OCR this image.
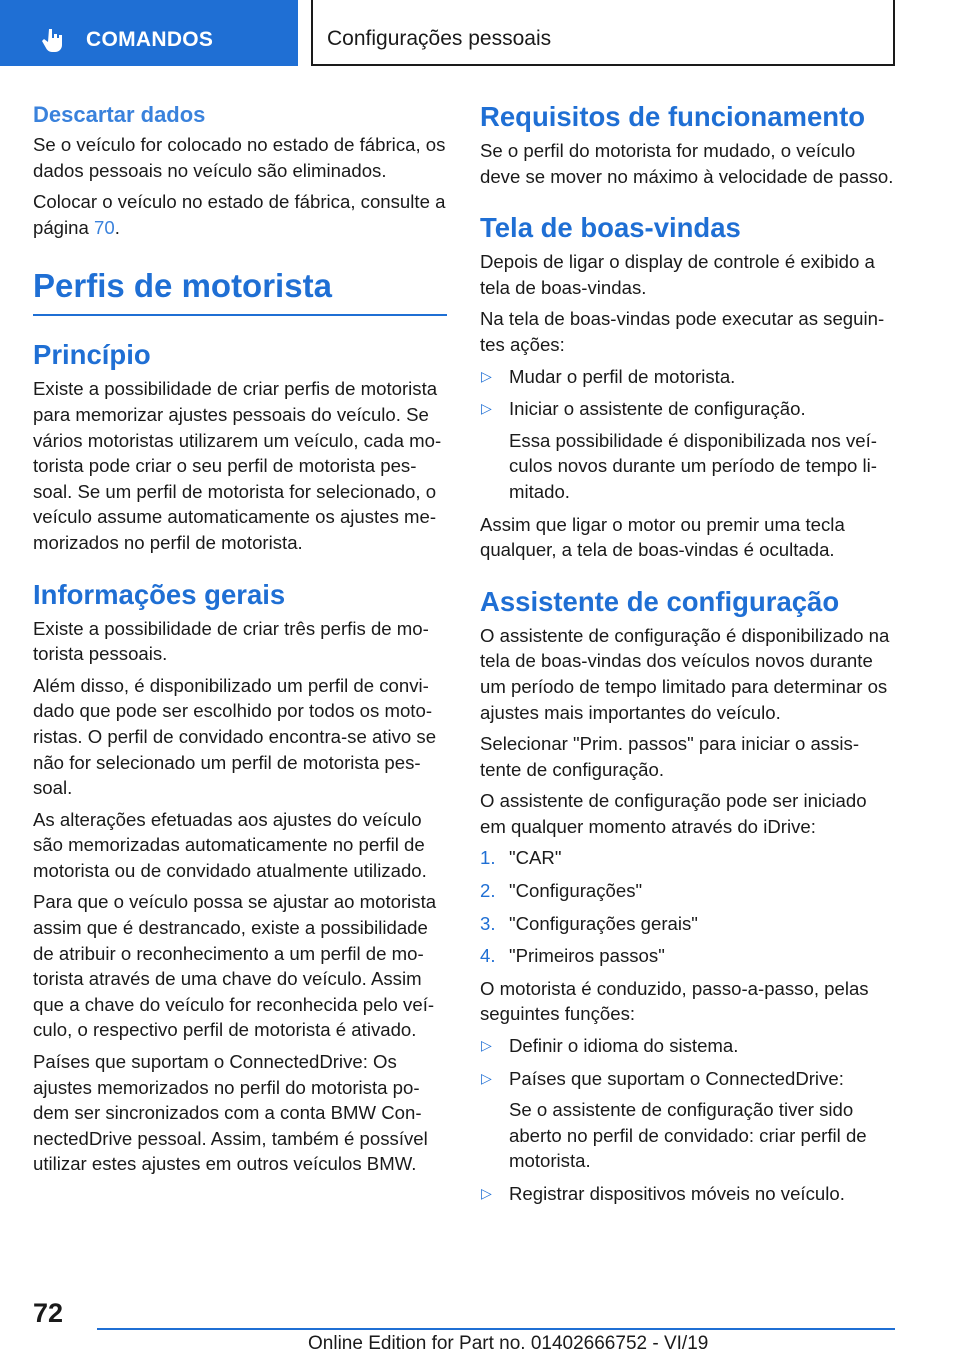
COMANDOS	Configurações pessoais
Descartar dados

Se o veículo for colocado no estado de fábrica, os dados pessoais no veículo são eliminados.

Colocar o veículo no estado de fábrica, consulte a página 70.

Perfis de motorista
Princípio

Existe a possibilidade de criar perfis de motorista para memorizar ajustes pessoais do veículo. Se vários motoristas utilizarem um veículo, cada motorista pode criar o seu perfil de motorista pessoal. Se um perfil de motorista for selecionado, o veículo assume automaticamente os ajustes memorizados no perfil de motorista.

Informações gerais

Existe a possibilidade de criar três perfis de motorista pessoais.

Além disso, é disponibilizado um perfil de convidado que pode ser escolhido por todos os motoristas. O perfil de convidado encontra-se ativo se não for selecionado um perfil de motorista pessoal.

As alterações efetuadas aos ajustes do veículo são memorizadas automaticamente no perfil de motorista ou de convidado atualmente utilizado.

Para que o veículo possa se ajustar ao motorista assim que é destrancado, existe a possibilidade de atribuir o reconhecimento a um perfil de motorista através de uma chave do veículo. Assim que a chave do veículo for reconhecida pelo veículo, o respectivo perfil de motorista é ativado.

Países que suportam o ConnectedDrive: Os ajustes memorizados no perfil do motorista podem ser sincronizados com a conta BMW ConnectedDrive pessoal. Assim, também é possível utilizar estes ajustes em outros veículos BMW.

Requisitos de funcionamento

Se o perfil do motorista for mudado, o veículo deve se mover no máximo à velocidade de passo.

Tela de boas-vindas

Depois de ligar o display de controle é exibido a tela de boas-vindas.

Na tela de boas-vindas pode executar as seguintes ações:

▷ Mudar o perfil de motorista.
▷ Iniciar o assistente de configuração.
Essa possibilidade é disponibilizada nos veículos novos durante um período de tempo limitado.

Assim que ligar o motor ou premir uma tecla qualquer, a tela de boas-vindas é ocultada.

Assistente de configuração

O assistente de configuração é disponibilizado na tela de boas-vindas dos veículos novos durante um período de tempo limitado para determinar os ajustes mais importantes do veículo.

Selecionar "Prim. passos" para iniciar o assistente de configuração.

O assistente de configuração pode ser iniciado em qualquer momento através do iDrive:

1. "CAR"
2. "Configurações"
3. "Configurações gerais"
4. "Primeiros passos"

O motorista é conduzido, passo-a-passo, pelas seguintes funções:

▷ Definir o idioma do sistema.
▷ Países que suportam o ConnectedDrive:
Se o assistente de configuração tiver sido aberto no perfil de convidado: criar perfil de motorista.
▷ Registrar dispositivos móveis no veículo.
72
Online Edition for Part no. 01402666752 - VI/19
